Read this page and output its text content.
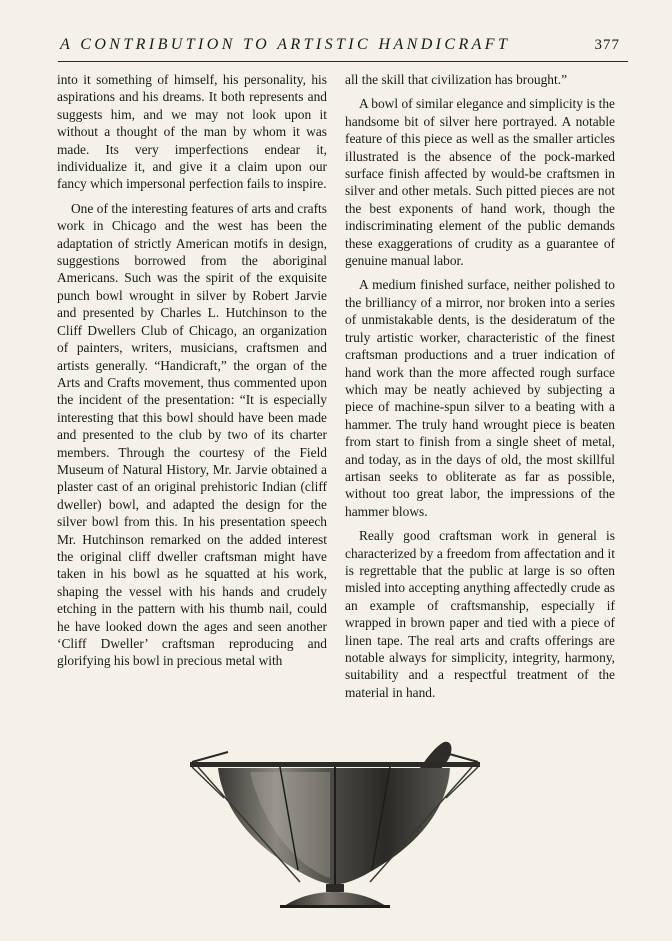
A CONTRIBUTION TO ARTISTIC HANDICRAFT	377

into it something of himself, his personality, his aspirations and his dreams. It both represents and suggests him, and we may not look upon it without a thought of the man by whom it was made. Its very imperfections endear it, individualize it, and give it a claim upon our fancy which impersonal perfection fails to inspire.

One of the interesting features of arts and crafts work in Chicago and the west has been the adaptation of strictly American motifs in design, suggestions borrowed from the aboriginal Americans. Such was the spirit of the exquisite punch bowl wrought in silver by Robert Jarvie and presented by Charles L. Hutchinson to the Cliff Dwellers Club of Chicago, an organization of painters, writers, musicians, craftsmen and artists generally. “Handicraft,” the organ of the Arts and Crafts movement, thus commented upon the incident of the presentation: “It is especially interesting that this bowl should have been made and presented to the club by two of its charter members. Through the courtesy of the Field Museum of Natural History, Mr. Jarvie obtained a plaster cast of an original prehistoric Indian (cliff dweller) bowl, and adapted the design for the silver bowl from this. In his presentation speech Mr. Hutchinson remarked on the added interest the original cliff dweller craftsman might have taken in his bowl as he squatted at his work, shaping the vessel with his hands and crudely etching in the pattern with his thumb nail, could he have looked down the ages and seen another ‘Cliff Dweller’ craftsman reproducing and glorifying his bowl in precious metal with

all the skill that civilization has brought.”

A bowl of similar elegance and simplicity is the handsome bit of silver here portrayed. A notable feature of this piece as well as the smaller articles illustrated is the absence of the pock-marked surface finish affected by would-be craftsmen in silver and other metals. Such pitted pieces are not the best exponents of hand work, though the indiscriminating element of the public demands these exaggerations of crudity as a guarantee of genuine manual labor.

A medium finished surface, neither polished to the brilliancy of a mirror, nor broken into a series of unmistakable dents, is the desideratum of the truly artistic worker, characteristic of the finest craftsman productions and a truer indication of hand work than the more affected rough surface which may be neatly achieved by subjecting a piece of machine-spun silver to a beating with a hammer. The truly hand wrought piece is beaten from start to finish from a single sheet of metal, and today, as in the days of old, the most skillful artisan seeks to obliterate as far as possible, without too great labor, the impressions of the hammer blows.

Really good craftsman work in general is characterized by a freedom from affectation and it is regrettable that the public at large is so often misled into accepting anything affectedly crude as an example of craftsmanship, especially if wrapped in brown paper and tied with a piece of linen tape. The real arts and crafts offerings are notable always for simplicity, integrity, harmony, suitability and a respectful treatment of the material in hand.
